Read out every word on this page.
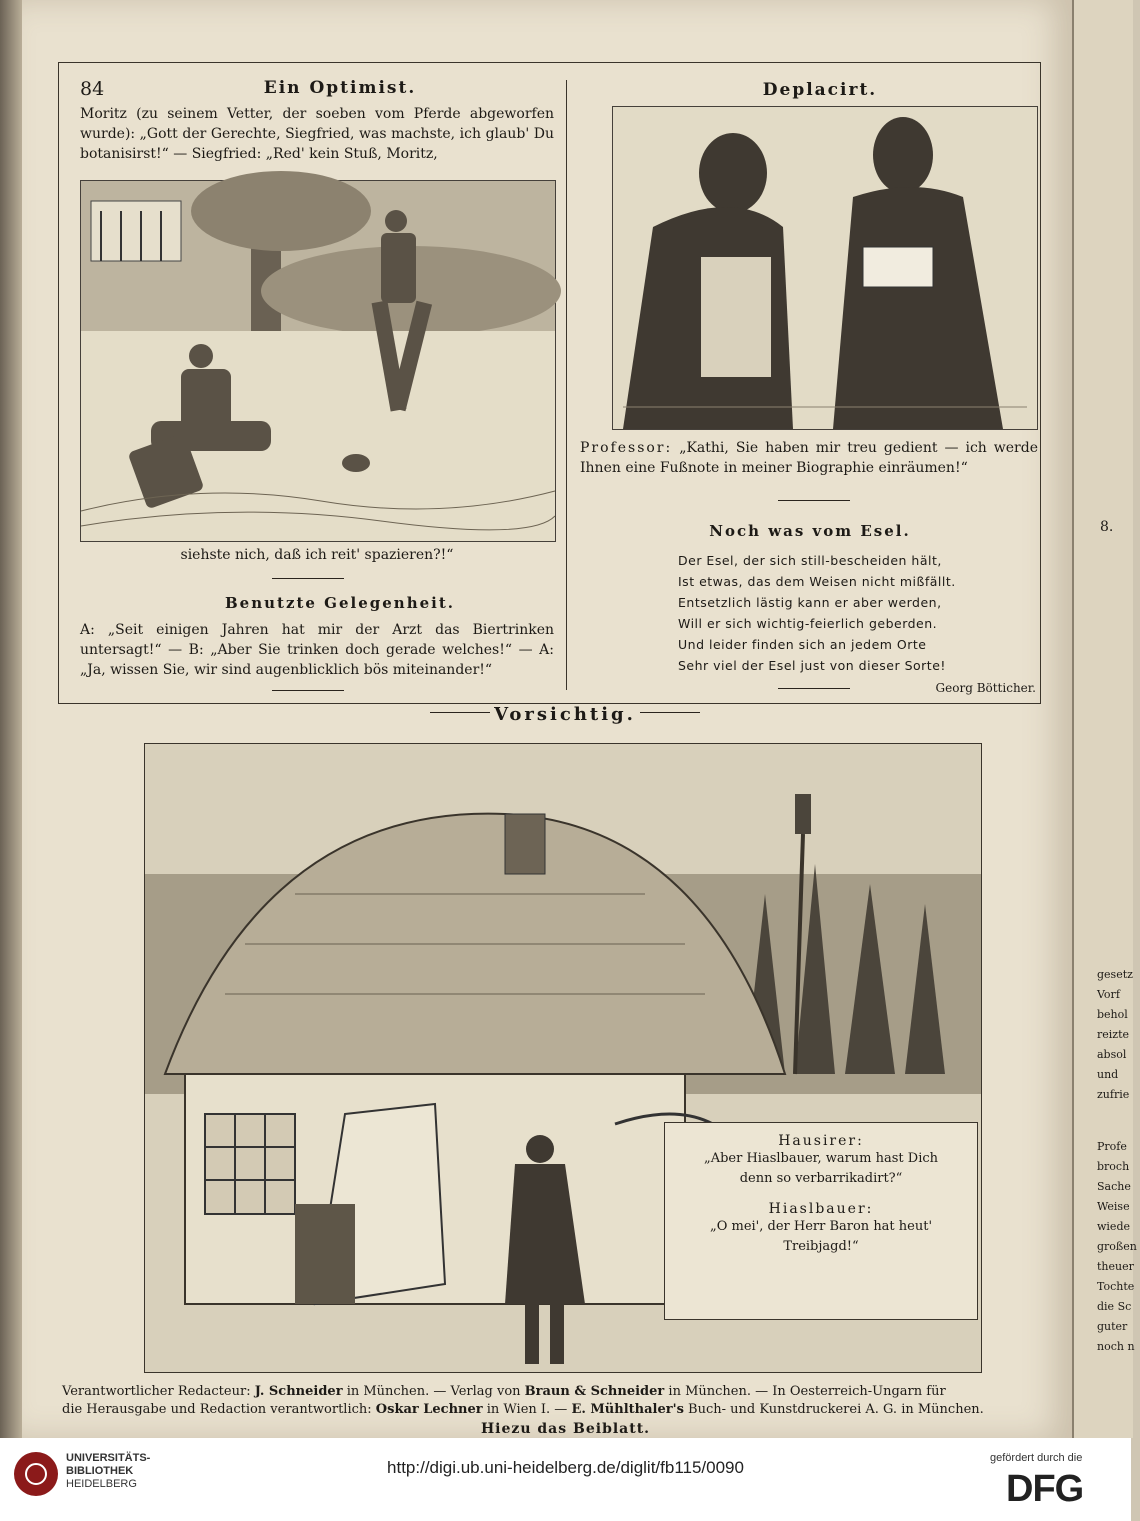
8.
gesetz
Vorf
behol
reizte
absol
und
zufrie
Profe
broch
Sache
Weise
wiede
großen
theuer
Tochte
die Sc
guter
noch n
84	Ein Optimist.
Moritz (zu seinem Vetter, der soeben vom Pferde abgeworfen wurde): „Gott der Gerechte, Siegfried, was machste, ich glaub' Du botanisirst!“ — Siegfried: „Red' kein Stuß, Moritz,
siehste nich, daß ich reit' spazieren?!“
Benutzte Gelegenheit.
A: „Seit einigen Jahren hat mir der Arzt das Biertrinken untersagt!“ — B: „Aber Sie trinken doch gerade welches!“ — A: „Ja, wissen Sie, wir sind augenblicklich bös miteinander!“
Deplacirt.
Professor: „Kathi, Sie haben mir treu gedient — ich werde Ihnen eine Fußnote in meiner Biographie einräumen!“
Noch was vom Esel.
Der Esel, der sich still-bescheiden hält,
Ist etwas, das dem Weisen nicht mißfällt.
Entsetzlich lästig kann er aber werden,
Will er sich wichtig-feierlich geberden.
Und leider finden sich an jedem Orte
Sehr viel der Esel just von dieser Sorte!
Georg Bötticher.
Vorsichtig.
Hausirer:
„Aber Hiaslbauer, warum hast Dich denn so verbarrikadirt?“
Hiaslbauer:
„O mei', der Herr Baron hat heut' Treibjagd!“
Verantwortlicher Redacteur: J. Schneider in München. — Verlag von Braun & Schneider in München. — In Oesterreich-Ungarn für
die Herausgabe und Redaction verantwortlich: Oskar Lechner in Wien I. — E. Mühlthaler's Buch- und Kunstdruckerei A. G. in München.
Hiezu das Beiblatt.
UNIVERSITÄTS-
BIBLIOTHEK
HEIDELBERG
http://digi.ub.uni-heidelberg.de/diglit/fb115/0090	gefördert durch die
DFG
